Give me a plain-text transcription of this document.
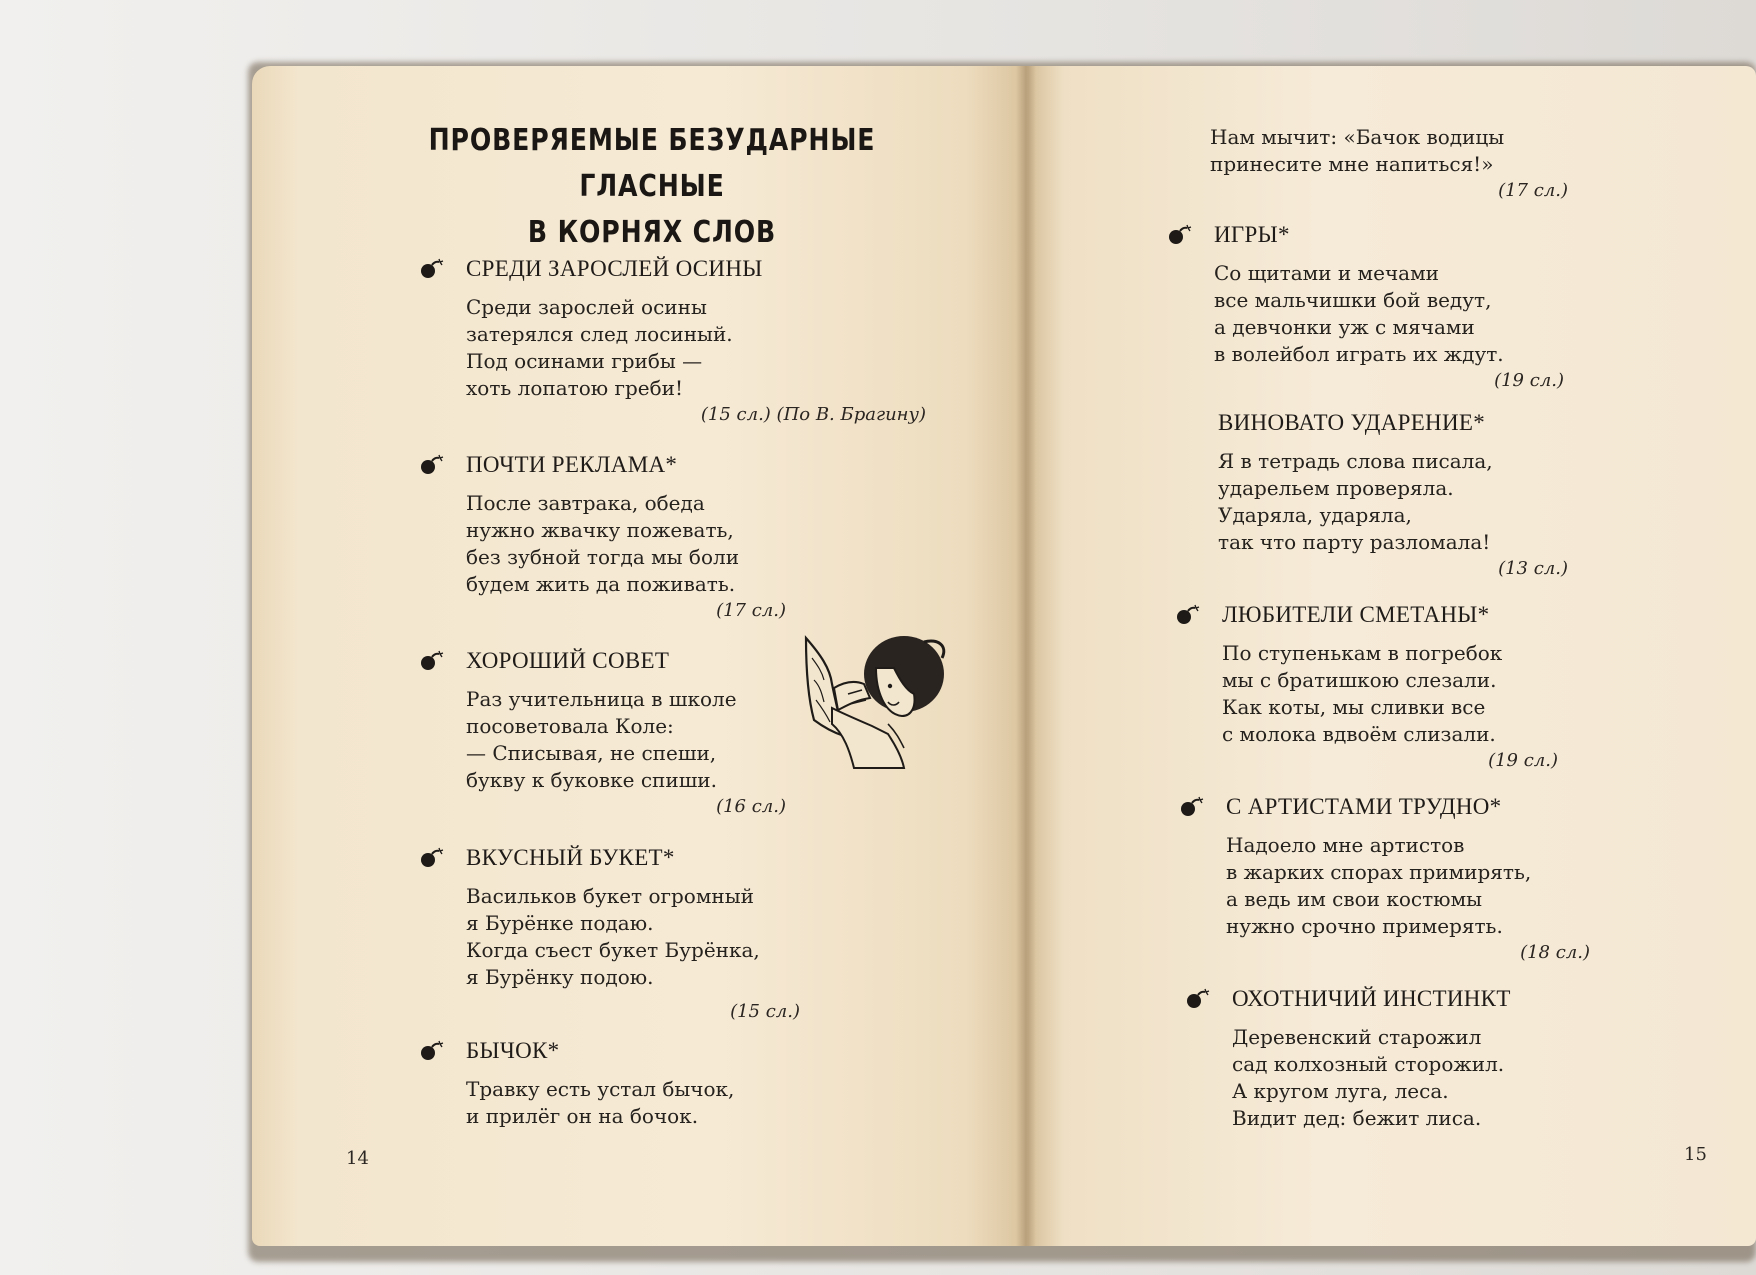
ПРОВЕРЯЕМЫЕ БЕЗУДАРНЫЕ ГЛАСНЫЕ
В КОРНЯХ СЛОВ
СРЕДИ ЗАРОСЛЕЙ ОСИНЫ
Среди зарослей осины
затерялся след лосиный.
Под осинами грибы —
хоть лопатою греби!
(15 сл.) (По В. Брагину)
ПОЧТИ РЕКЛАМА*
После завтрака, обеда
нужно жвачку пожевать,
без зубной тогда мы боли
будем жить да поживать.
(17 сл.)
ХОРОШИЙ СОВЕТ
Раз учительница в школе
посоветовала Коле:
— Списывая, не спеши,
букву к буковке спиши.
(16 сл.)
ВКУСНЫЙ БУКЕТ*
Васильков букет огромный
я Бурёнке подаю.
Когда съест букет Бурёнка,
я Бурёнку подою.
(15 сл.)
БЫЧОК*
Травку есть устал бычок,
и прилёг он на бочок.
14
Нам мычит: «Бачок водицы
принесите мне напиться!»
(17 сл.)
ИГРЫ*
Со щитами и мечами
все мальчишки бой ведут,
а девчонки уж с мячами
в волейбол играть их ждут.
(19 сл.)
ВИНОВАТО УДАРЕНИЕ*
Я в тетрадь слова писала,
ударельем проверяла.
Ударяла, ударяла,
так что парту разломала!
(13 сл.)
ЛЮБИТЕЛИ СМЕТАНЫ*
По ступенькам в погребок
мы с братишкою слезали.
Как коты, мы сливки все
с молока вдвоём слизали.
(19 сл.)
С АРТИСТАМИ ТРУДНО*
Надоело мне артистов
в жарких спорах примирять,
а ведь им свои костюмы
нужно срочно примерять.
(18 сл.)
ОХОТНИЧИЙ ИНСТИНКТ
Деревенский старожил
сад колхозный сторожил.
А кругом луга, леса.
Видит дед: бежит лиса.
15
